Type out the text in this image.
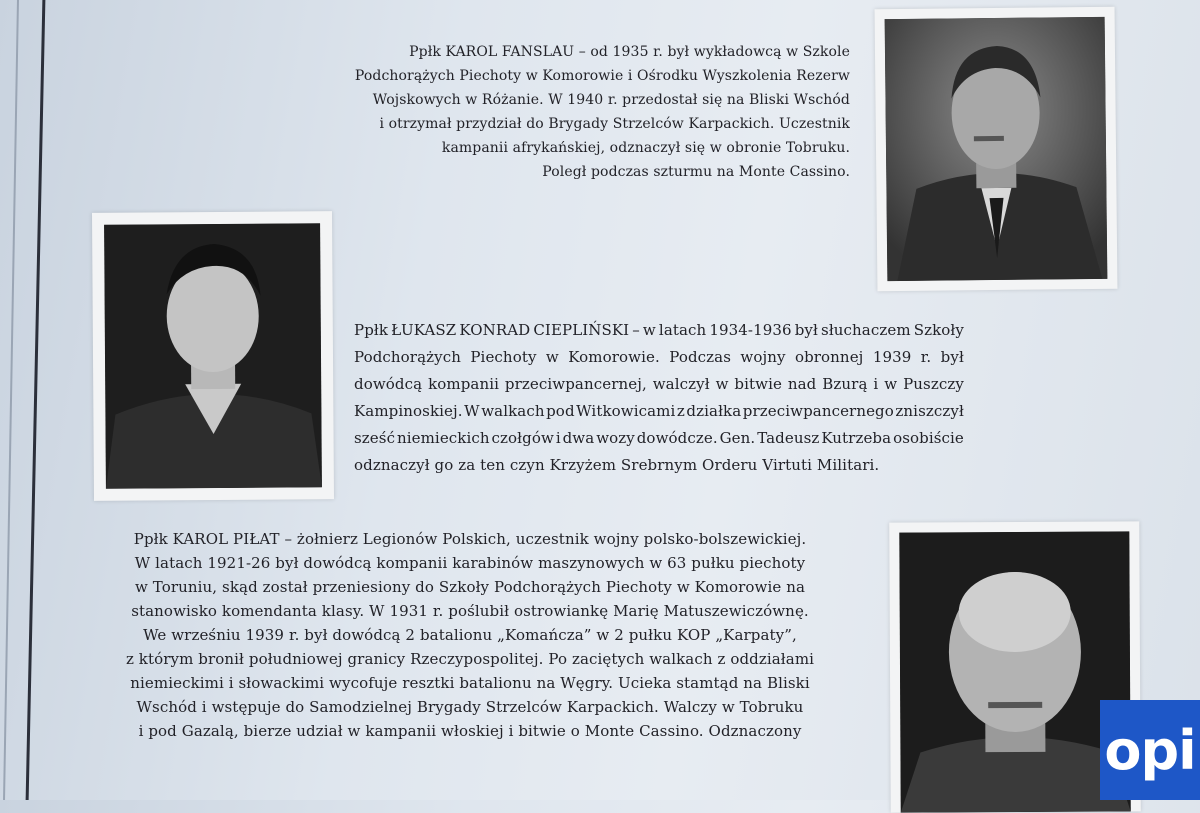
Ppłk KAROL FANSLAU – od 1935 r. był wykładowcą w Szkole
Podchorążych Piechoty w Komorowie i Ośrodku Wyszkolenia Rezerw
Wojskowych w Różanie. W 1940 r. przedostał się na Bliski Wschód
i otrzymał przydział do Brygady Strzelców Karpackich. Uczestnik
kampanii afrykańskiej, odznaczył się w obronie Tobruku.
Poległ podczas szturmu na Monte Cassino.
Ppłk ŁUKASZ KONRAD CIEPLIŃSKI – w latach 1934-1936 był słuchaczem Szkoły
Podchorążych Piechoty w Komorowie. Podczas wojny obronnej 1939 r. był
dowódcą kompanii przeciwpancernej, walczył w bitwie nad Bzurą i w Puszczy
Kampinoskiej. W walkach pod Witkowicami z działka przeciwpancernego zniszczył
sześć niemieckich czołgów i dwa wozy dowódcze. Gen. Tadeusz Kutrzeba osobiście
odznaczył go za ten czyn Krzyżem Srebrnym Orderu Virtuti Militari.
Ppłk KAROL PIŁAT – żołnierz Legionów Polskich, uczestnik wojny polsko-bolszewickiej.
W latach 1921-26 był dowódcą kompanii karabinów maszynowych w 63 pułku piechoty
w Toruniu, skąd został przeniesiony do Szkoły Podchorążych Piechoty w Komorowie na
stanowisko komendanta klasy. W 1931 r. poślubił ostrowiankę Marię Matuszewiczównę.
We wrześniu 1939 r. był dowódcą 2 batalionu „Komańcza” w 2 pułku KOP „Karpaty”,
z którym bronił południowej granicy Rzeczypospolitej. Po zaciętych walkach z oddziałami
niemieckimi i słowackimi wycofuje resztki batalionu na Węgry. Ucieka stamtąd na Bliski
Wschód i wstępuje do Samodzielnej Brygady Strzelców Karpackich. Walczy w Tobruku
i pod Gazalą, bierze udział w kampanii włoskiej i bitwie o Monte Cassino. Odznaczony	opi
